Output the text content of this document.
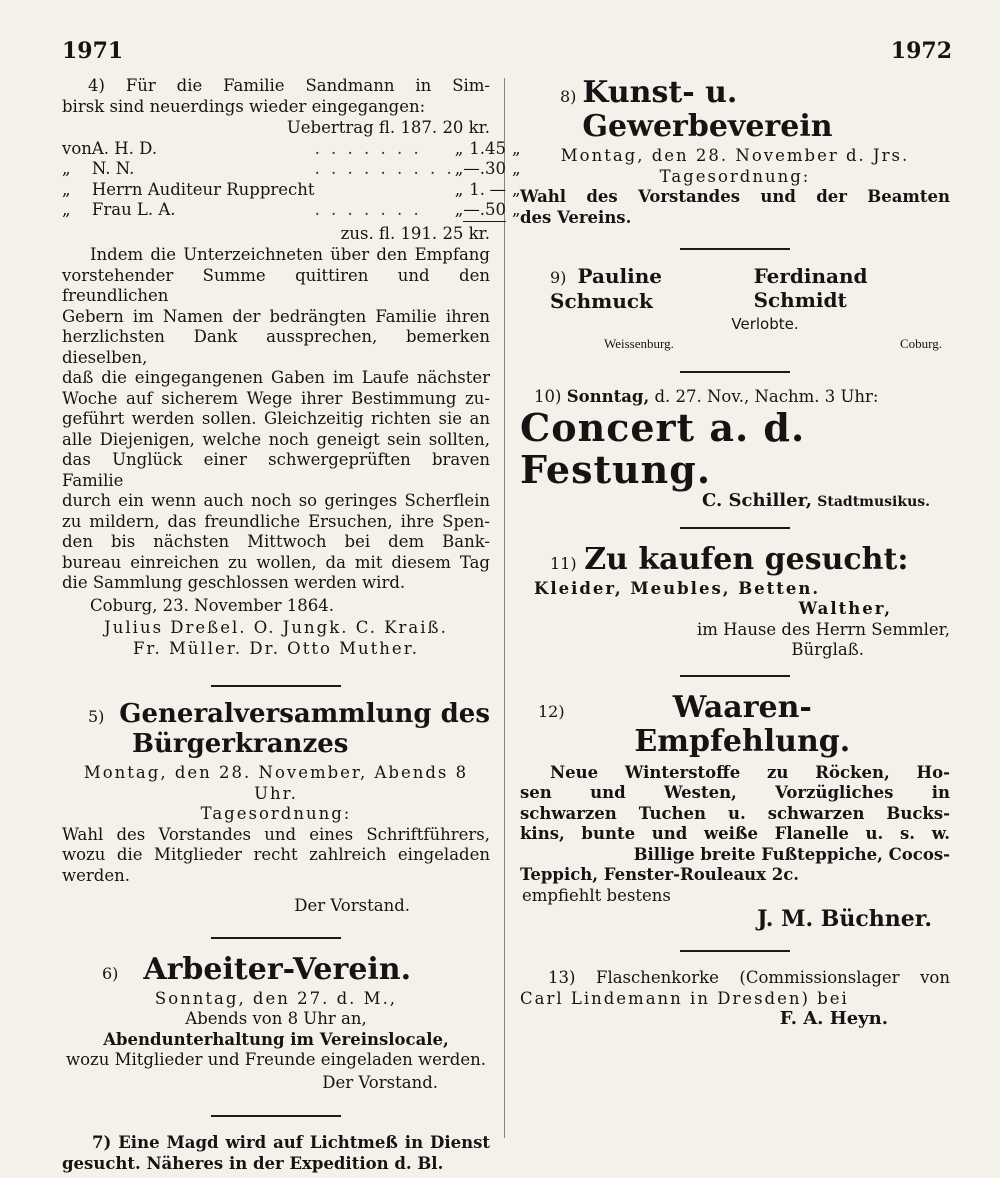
1971	1972
4) Für die Familie Sandmann in Sim-
birsk sind neuerdings wieder eingegangen:
Uebertrag fl. 187. 20 kr.
von	A. H. D.	. . . . . . .	„	1.	45	„
„	N. N.	. . . . . . . . .	„	—.	30	„
„	Herrn Auditeur Rupprecht		„	1.	—	„
„	Frau L. A.	. . . . . . .	„	—.	50	„
zus. fl. 191. 25 kr.
Indem die Unterzeichneten über den Empfang
vorstehender Summe quittiren und den freundlichen
Gebern im Namen der bedrängten Familie ihren
herzlichsten Dank aussprechen, bemerken dieselben,
daß die eingegangenen Gaben im Laufe nächster
Woche auf sicherem Wege ihrer Bestimmung zu-
geführt werden sollen. Gleichzeitig richten sie an
alle Diejenigen, welche noch geneigt sein sollten,
das Unglück einer schwergeprüften braven Familie
durch ein wenn auch noch so geringes Scherflein
zu mildern, das freundliche Ersuchen, ihre Spen-
den bis nächsten Mittwoch bei dem Bank-
bureau einreichen zu wollen, da mit diesem Tag
die Sammlung geschlossen werden wird.
Coburg, 23. November 1864.
Julius Dreßel. O. Jungk. C. Kraiß.
Fr. Müller. Dr. Otto Muther.
5) Generalversammlung des
Bürgerkranzes
Montag, den 28. November, Abends 8 Uhr.
Tagesordnung:
Wahl des Vorstandes und eines Schriftführers,
wozu die Mitglieder recht zahlreich eingeladen
werden.
Der Vorstand.
6) Arbeiter-Verein.
Sonntag, den 27. d. M.,
Abends von 8 Uhr an,
Abendunterhaltung im Vereinslocale,
wozu Mitglieder und Freunde eingeladen werden.
Der Vorstand.
7) Eine Magd wird auf Lichtmeß in Dienst
gesucht. Näheres in der Expedition d. Bl.
8) Kunst- u. Gewerbeverein
Montag, den 28. November d. Jrs.
Tagesordnung:
Wahl des Vorstandes und der Beamten
des Vereins.
9) Pauline Schmuck
Ferdinand Schmidt
Verlobte.
Weissenburg.	Coburg.
10) Sonntag, d. 27. Nov., Nachm. 3 Uhr:
Concert a. d. Festung.
C. Schiller, Stadtmusikus.
11) Zu kaufen gesucht:
Kleider, Meubles, Betten.
Walther,
im Hause des Herrn Semmler,
Bürglaß.
12)	Waaren-Empfehlung.
Neue Winterstoffe zu Röcken, Ho-
sen und Westen, Vorzügliches in
schwarzen Tuchen u. schwarzen Bucks-
kins, bunte und weiße Flanelle u. s. w.
Billige breite Fußteppiche, Cocos-
Teppich, Fenster-Rouleaux 2c.
empfiehlt bestens
J. M. Büchner.
13) Flaschenkorke (Commissionslager von
Carl Lindemann in Dresden) bei
F. A. Heyn.
